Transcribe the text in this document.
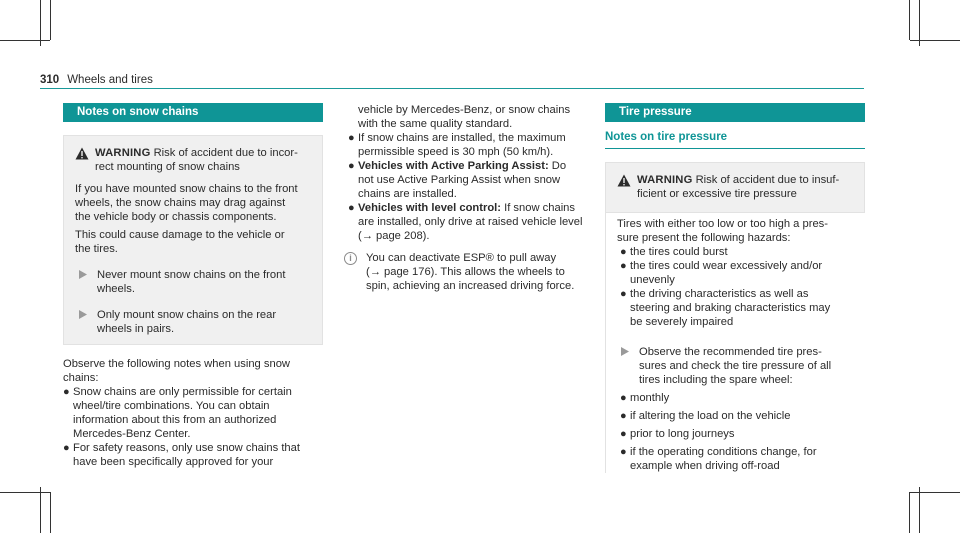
310 Wheels and tires
Notes on snow chains

WARNING Risk of accident due to incor-
rect mounting of snow chains

If you have mounted snow chains to the front
wheels, the snow chains may drag against
the vehicle body or chassis components.

This could cause damage to the vehicle or
the tires.

Never mount snow chains on the front
wheels.
Only mount snow chains on the rear
wheels in pairs.

Observe the following notes when using snow
chains:

● Snow chains are only permissible for certain
wheel/tire combinations. You can obtain
information about this from an authorized
Mercedes-Benz Center.
● For safety reasons, only use snow chains that
have been specifically approved for your
vehicle by Mercedes-Benz, or snow chains
with the same quality standard.
● If snow chains are installed, the maximum
permissible speed is 30 mph (50 km/h).
● Vehicles with Active Parking Assist: Do
not use Active Parking Assist when snow
chains are installed.
● Vehicles with level control: If snow chains
are installed, only drive at raised vehicle level
(→ page 208).
i	You can deactivate ESP® to pull away
(→ page 176). This allows the wheels to
spin, achieving an increased driving force.
Tire pressure
Notes on tire pressure

WARNING Risk of accident due to insuf-
ficient or excessive tire pressure

Tires with either too low or too high a pres-
sure present the following hazards:

● the tires could burst
● the tires could wear excessively and/or
unevenly
● the driving characteristics as well as
steering and braking characteristics may
be severely impaired
Observe the recommended tire pres-
sures and check the tire pressure of all
tires including the spare wheel:
● monthly
● if altering the load on the vehicle
● prior to long journeys
● if the operating conditions change, for
example when driving off-road
